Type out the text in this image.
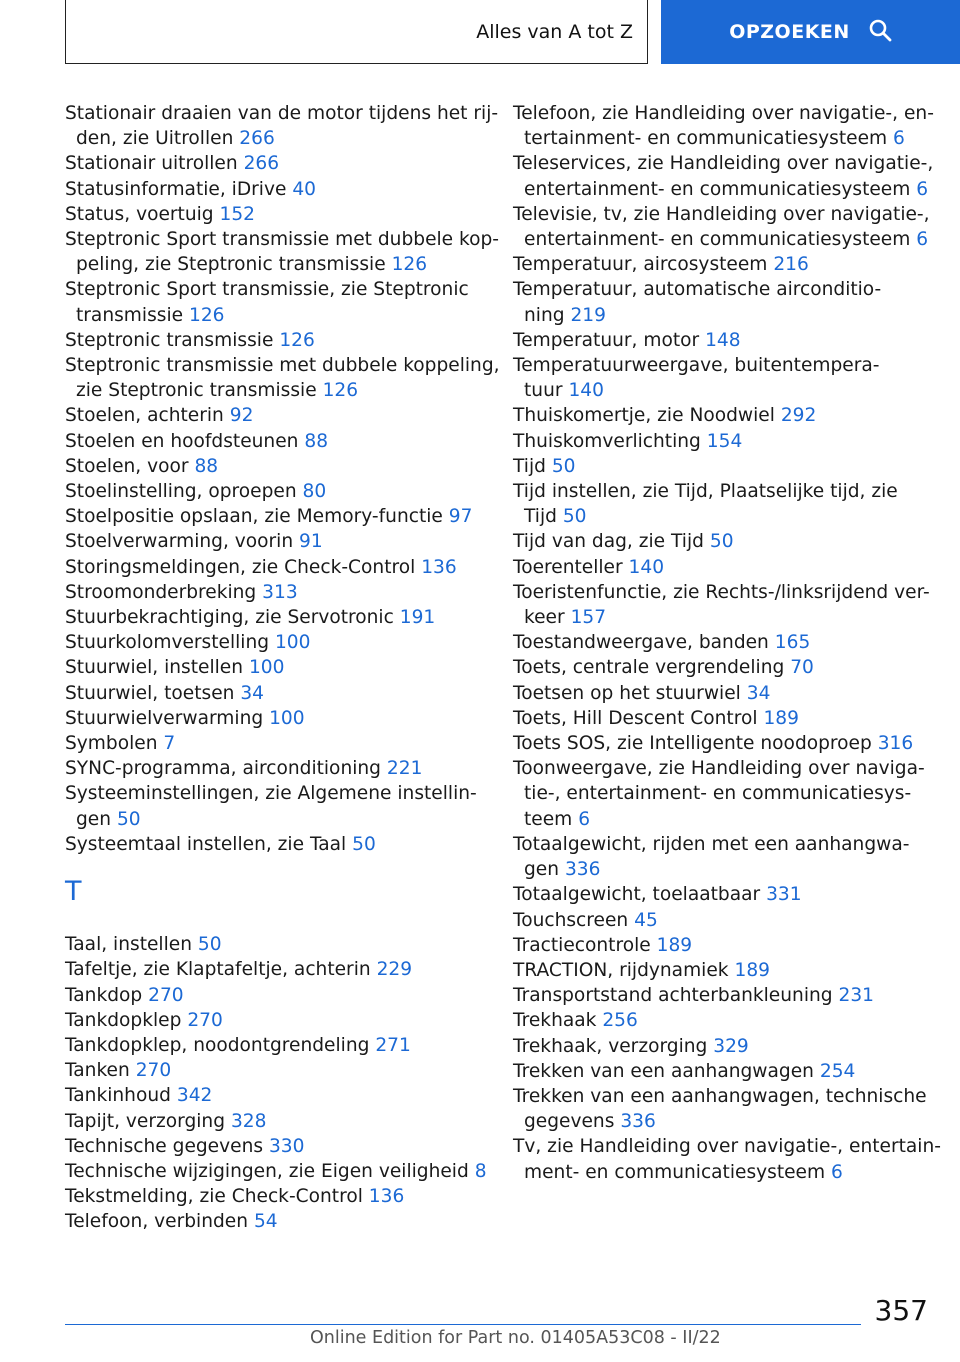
Alles van A tot Z	OPZOEKEN
Stationair draaien van de motor tijdens het rij-
den, zie Uitrollen 266
Stationair uitrollen 266
Statusinformatie, iDrive 40
Status, voertuig 152
Steptronic Sport transmissie met dubbele kop-
peling, zie Steptronic transmissie 126
Steptronic Sport transmissie, zie Steptronic
transmissie 126
Steptronic transmissie 126
Steptronic transmissie met dubbele koppeling,
zie Steptronic transmissie 126
Stoelen, achterin 92
Stoelen en hoofdsteunen 88
Stoelen, voor 88
Stoelinstelling, oproepen 80
Stoelpositie opslaan, zie Memory-functie 97
Stoelverwarming, voorin 91
Storingsmeldingen, zie Check-Control 136
Stroomonderbreking 313
Stuurbekrachtiging, zie Servotronic 191
Stuurkolomverstelling 100
Stuurwiel, instellen 100
Stuurwiel, toetsen 34
Stuurwielverwarming 100
Symbolen 7
SYNC-programma, airconditioning 221
Systeeminstellingen, zie Algemene instellin-
gen 50
Systeemtaal instellen, zie Taal 50
T
Taal, instellen 50
Tafeltje, zie Klaptafeltje, achterin 229
Tankdop 270
Tankdopklep 270
Tankdopklep, noodontgrendeling 271
Tanken 270
Tankinhoud 342
Tapijt, verzorging 328
Technische gegevens 330
Technische wijzigingen, zie Eigen veiligheid 8
Tekstmelding, zie Check-Control 136
Telefoon, verbinden 54
Telefoon, zie Handleiding over navigatie-, en-
tertainment- en communicatiesysteem 6
Teleservices, zie Handleiding over navigatie-,
entertainment- en communicatiesysteem 6
Televisie, tv, zie Handleiding over navigatie-,
entertainment- en communicatiesysteem 6
Temperatuur, aircosysteem 216
Temperatuur, automatische airconditio-
ning 219
Temperatuur, motor 148
Temperatuurweergave, buitentempera-
tuur 140
Thuiskomertje, zie Noodwiel 292
Thuiskomverlichting 154
Tijd 50
Tijd instellen, zie Tijd, Plaatselijke tijd, zie
Tijd 50
Tijd van dag, zie Tijd 50
Toerenteller 140
Toeristenfunctie, zie Rechts-/linksrijdend ver-
keer 157
Toestandweergave, banden 165
Toets, centrale vergrendeling 70
Toetsen op het stuurwiel 34
Toets, Hill Descent Control 189
Toets SOS, zie Intelligente noodoproep 316
Toonweergave, zie Handleiding over naviga-
tie-, entertainment- en communicatiesys-
teem 6
Totaalgewicht, rijden met een aanhangwa-
gen 336
Totaalgewicht, toelaatbaar 331
Touchscreen 45
Tractiecontrole 189
TRACTION, rijdynamiek 189
Transportstand achterbankleuning 231
Trekhaak 256
Trekhaak, verzorging 329
Trekken van een aanhangwagen 254
Trekken van een aanhangwagen, technische
gegevens 336
Tv, zie Handleiding over navigatie-, entertain-
ment- en communicatiesysteem 6
357
Online Edition for Part no. 01405A53C08 - II/22
